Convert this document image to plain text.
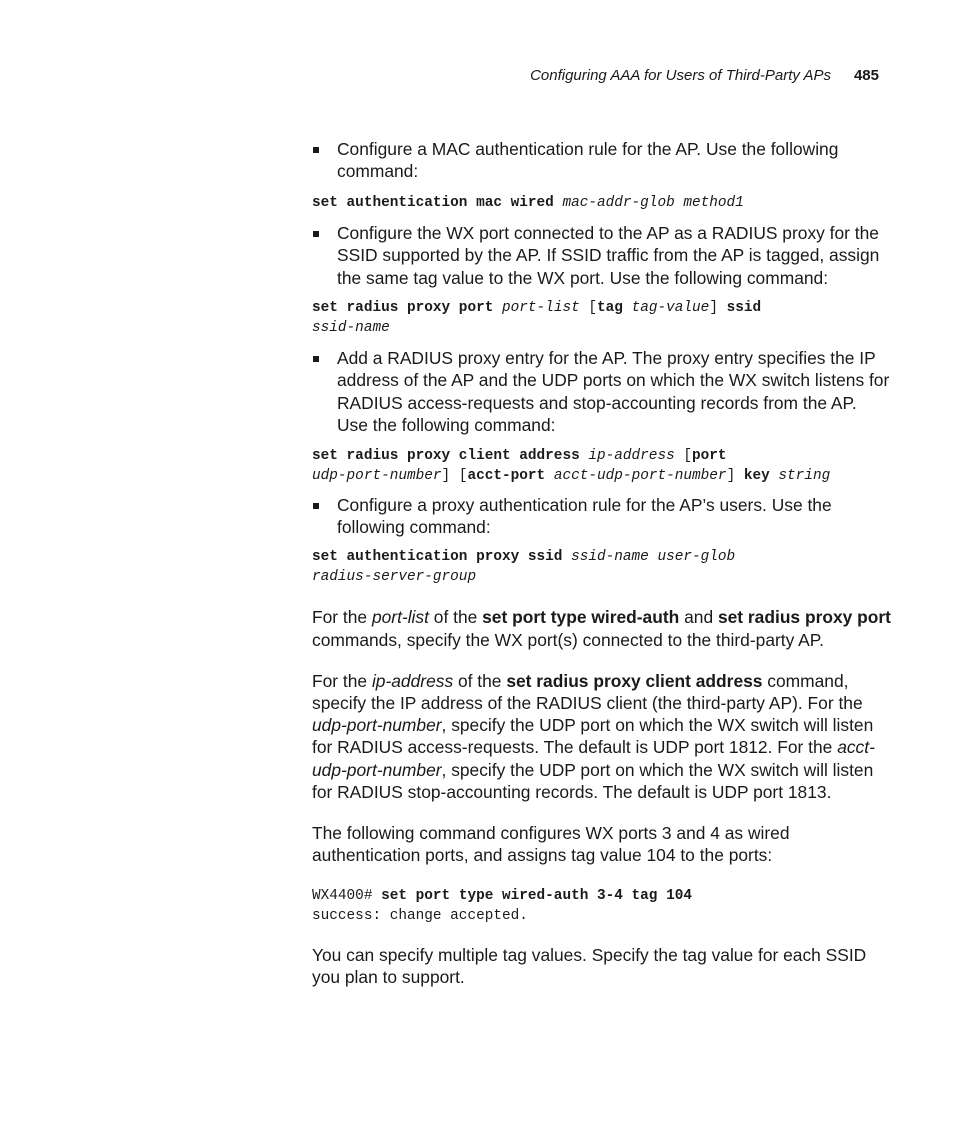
Configuring AAA for Users of Third-Party APs 485
Configure a MAC authentication rule for the AP. Use the following command:
set authentication mac wired mac-addr-glob method1
Configure the WX port connected to the AP as a RADIUS proxy for the SSID supported by the AP. If SSID traffic from the AP is tagged, assign the same tag value to the WX port. Use the following command:
set radius proxy port port-list [tag tag-value] ssid
ssid-name
Add a RADIUS proxy entry for the AP. The proxy entry specifies the IP address of the AP and the UDP ports on which the WX switch listens for RADIUS access-requests and stop-accounting records from the AP. Use the following command:
set radius proxy client address ip-address [port
udp-port-number] [acct-port acct-udp-port-number] key string
Configure a proxy authentication rule for the AP’s users. Use the following command:
set authentication proxy ssid ssid-name user-glob
radius-server-group

For the port-list of the set port type wired-auth and set radius proxy port commands, specify the WX port(s) connected to the third-party AP.

For the ip-address of the set radius proxy client address command, specify the IP address of the RADIUS client (the third-party AP). For the udp-port-number, specify the UDP port on which the WX switch will listen for RADIUS access-requests. The default is UDP port 1812. For the acct-udp-port-number, specify the UDP port on which the WX switch will listen for RADIUS stop-accounting records. The default is UDP port 1813.

The following command configures WX ports 3 and 4 as wired authentication ports, and assigns tag value 104 to the ports:

WX4400# set port type wired-auth 3-4 tag 104
success: change accepted.

You can specify multiple tag values. Specify the tag value for each SSID you plan to support.
